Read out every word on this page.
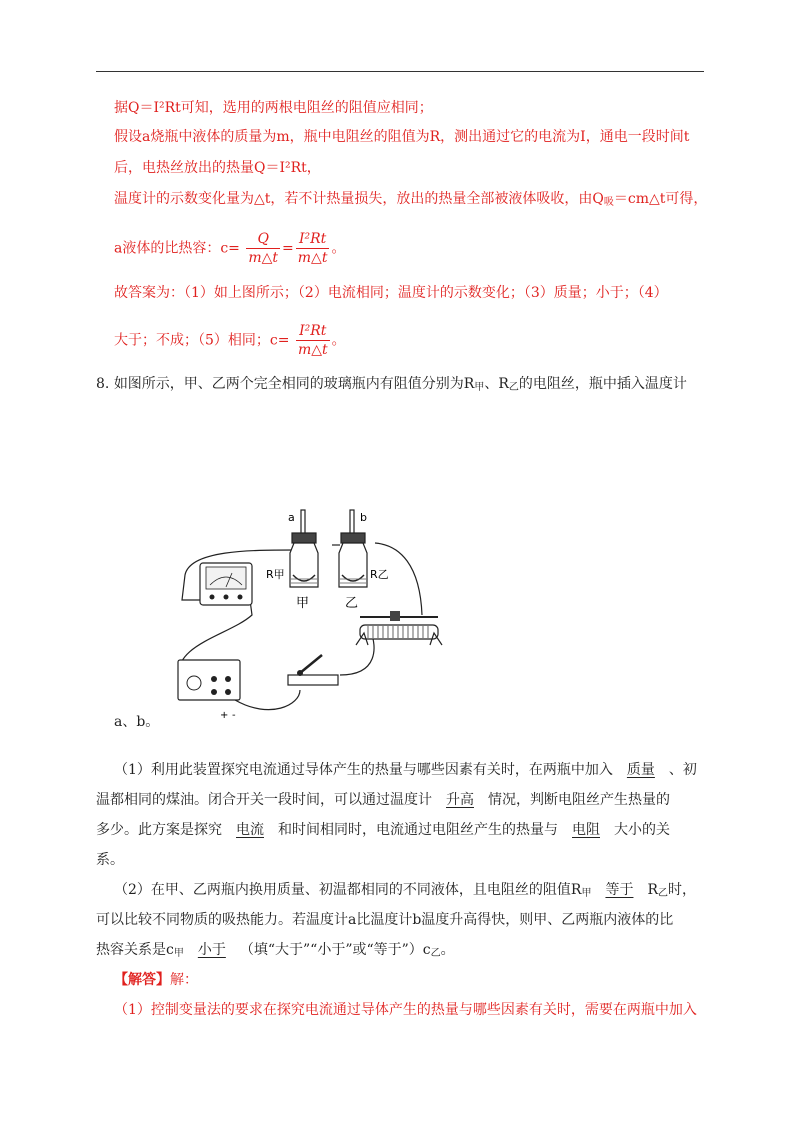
据Q＝I²Rt可知，选用的两根电阻丝的阻值应相同；
假设a烧瓶中液体的质量为m，瓶中电阻丝的阻值为R，测出通过它的电流为I，通电一段时间t
后，电热丝放出的热量Q＝I²Rt，
温度计的示数变化量为△t，若不计热量损失，放出的热量全部被液体吸收，由$Q_吸=cm\triangle t$可得，
a液体的比热容：$c= \frac{Q}{m\triangle t} = \frac{\text{I²Rt}}{m\triangle t}$ 。
故答案为：（1）如上图所示；（2）电流相同；温度计的示数变化；（3）质量；小于；（4）
大于；不成；（5）相同；$c= \frac{\text{I²Rt}}{m\triangle t}$ 。
8. 如图所示，甲、乙两个完全相同的玻璃瓶内有阻值分别为$R_甲$、$R_乙$的电阻丝，瓶中插入温度计
a	b
R甲	R乙
甲	乙
+ -
a、b。
（1）利用此装置探究电流通过导体产生的热量与哪些因素有关时，在两瓶中加入 质量 、初
温都相同的煤油。闭合开关一段时间，可以通过温度计 升高 情况，判断电阻丝产生热量的
多少。此方案是探究 电流 和时间相同时，电流通过电阻丝产生的热量与 电阻 大小的关
系。
（2）在甲、乙两瓶内换用质量、初温都相同的不同液体，且电阻丝的阻值$R_甲$ 等于 $R_乙$时，
可以比较不同物质的吸热能力。若温度计a比温度计b温度升高得快，则甲、乙两瓶内液体的比
热容关系是$c_甲$ 小于 （填“大于”“小于”或“等于$”)c_乙$。
【解答】解：
（1）控制变量法的要求在探究电流通过导体产生的热量与哪些因素有关时，需要在两瓶中加入
